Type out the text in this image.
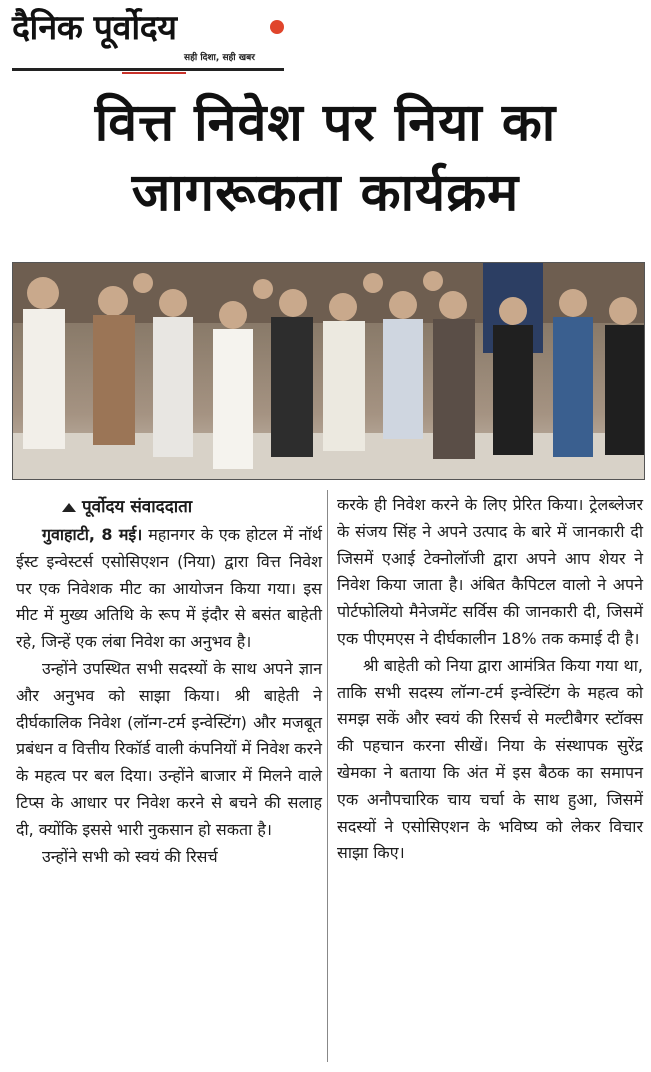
दैनिक पूर्वोदय
सही दिशा, सही खबर
वित्त निवेश पर निया का
जागरूकता कार्यक्रम
पूर्वोदय संवाददाता

गुवाहाटी, 8 मई। महानगर के एक होटल में नॉर्थ ईस्ट इन्वेस्टर्स एसोसिएशन (निया) द्वारा वित्त निवेश पर एक निवेशक मीट का आयोजन किया गया। इस मीट में मुख्य अतिथि के रूप में इंदौर से बसंत बाहेती रहे, जिन्हें एक लंबा निवेश का अनुभव है।

उन्होंने उपस्थित सभी सदस्यों के साथ अपने ज्ञान और अनुभव को साझा किया। श्री बाहेती ने दीर्घकालिक निवेश (लॉन्ग-टर्म इन्वेस्टिंग) और मजबूत प्रबंधन व वित्तीय रिकॉर्ड वाली कंपनियों में निवेश करने के महत्व पर बल दिया। उन्होंने बाजार में मिलने वाले टिप्स के आधार पर निवेश करने से बचने की सलाह दी, क्योंकि इससे भारी नुकसान हो सकता है।

उन्होंने सभी को स्वयं की रिसर्च

करके ही निवेश करने के लिए प्रेरित किया। ट्रेलब्लेजर के संजय सिंह ने अपने उत्पाद के बारे में जानकारी दी जिसमें एआई टेक्नोलॉजी द्वारा अपने आप शेयर ने निवेश किया जाता है। अंबित कैपिटल वालो ने अपने पोर्टफोलियो मैनेजमेंट सर्विस की जानकारी दी, जिसमें एक पीएमएस ने दीर्घकालीन 18% तक कमाई दी है।

श्री बाहेती को निया द्वारा आमंत्रित किया गया था, ताकि सभी सदस्य लॉन्ग-टर्म इन्वेस्टिंग के महत्व को समझ सकें और स्वयं की रिसर्च से मल्टीबैगर स्टॉक्स की पहचान करना सीखें। निया के संस्थापक सुरेंद्र खेमका ने बताया कि अंत में इस बैठक का समापन एक अनौपचारिक चाय चर्चा के साथ हुआ, जिसमें सदस्यों ने एसोसिएशन के भविष्य को लेकर विचार साझा किए।
